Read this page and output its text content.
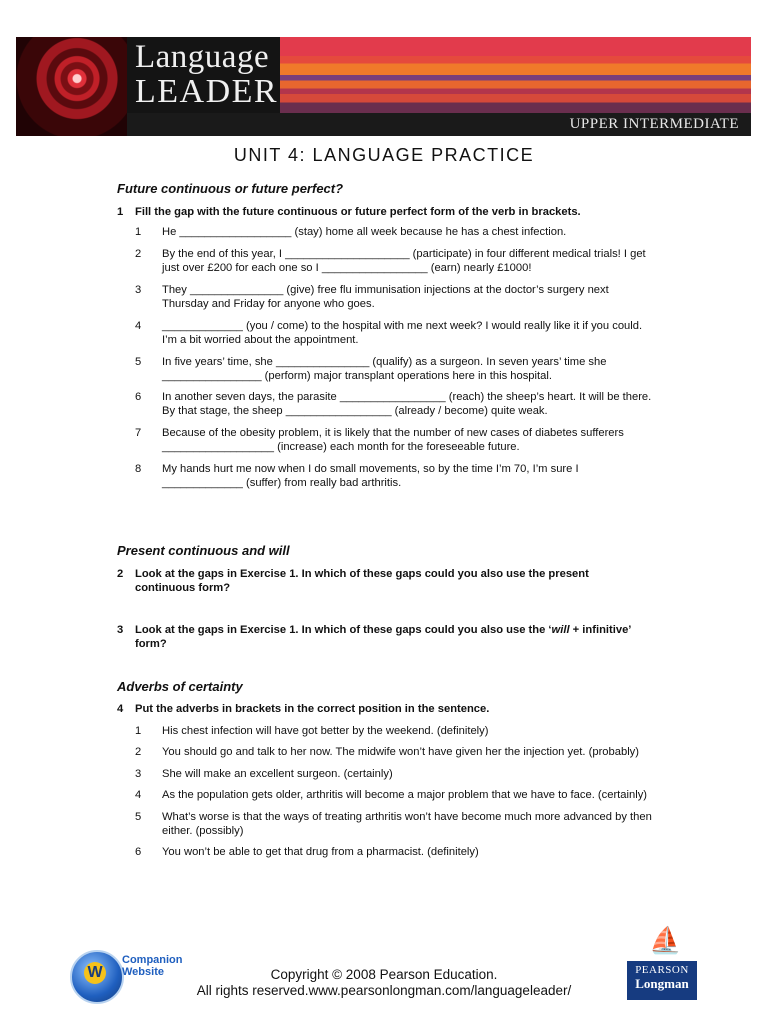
Language
LEADER
UPPER INTERMEDIATE
UNIT 4: LANGUAGE PRACTICE
Future continuous or future perfect?
1 Fill the gap with the future continuous or future perfect form of the verb in brackets.
1 He __________________ (stay) home all week because he has a chest infection.
2 By the end of this year, I ____________________ (participate) in four different medical trials! I get just over £200 for each one so I _________________ (earn) nearly £1000!
3 They _______________ (give) free flu immunisation injections at the doctor’s surgery next Thursday and Friday for anyone who goes.
4 _____________ (you / come) to the hospital with me next week? I would really like it if you could. I’m a bit worried about the appointment.
5 In five years’ time, she _______________ (qualify) as a surgeon. In seven years’ time she ________________ (perform) major transplant operations here in this hospital.
6 In another seven days, the parasite _________________ (reach) the sheep’s heart. It will be there. By that stage, the sheep _________________ (already / become) quite weak.
7 Because of the obesity problem, it is likely that the number of new cases of diabetes sufferers __________________ (increase) each month for the foreseeable future.
8 My hands hurt me now when I do small movements, so by the time I’m 70, I’m sure I _____________ (suffer) from really bad arthritis.
Present continuous and will
2 Look at the gaps in Exercise 1. In which of these gaps could you also use the present continuous form?
3 Look at the gaps in Exercise 1. In which of these gaps could you also use the ‘will + infinitive’ form?
Adverbs of certainty
4 Put the adverbs in brackets in the correct position in the sentence.
1 His chest infection will have got better by the weekend. (definitely)
2 You should go and talk to her now. The midwife won’t have given her the injection yet. (probably)
3 She will make an excellent surgeon. (certainly)
4 As the population gets older, arthritis will become a major problem that we have to face. (certainly)
5 What’s worse is that the ways of treating arthritis won’t have become much more advanced by then either. (possibly)
6 You won’t be able to get that drug from a pharmacist. (definitely)
W
Companion
Website	Copyright © 2008 Pearson Education.
All rights reserved.www.pearsonlongman.com/languageleader/
⛵
PEARSON
Longman
